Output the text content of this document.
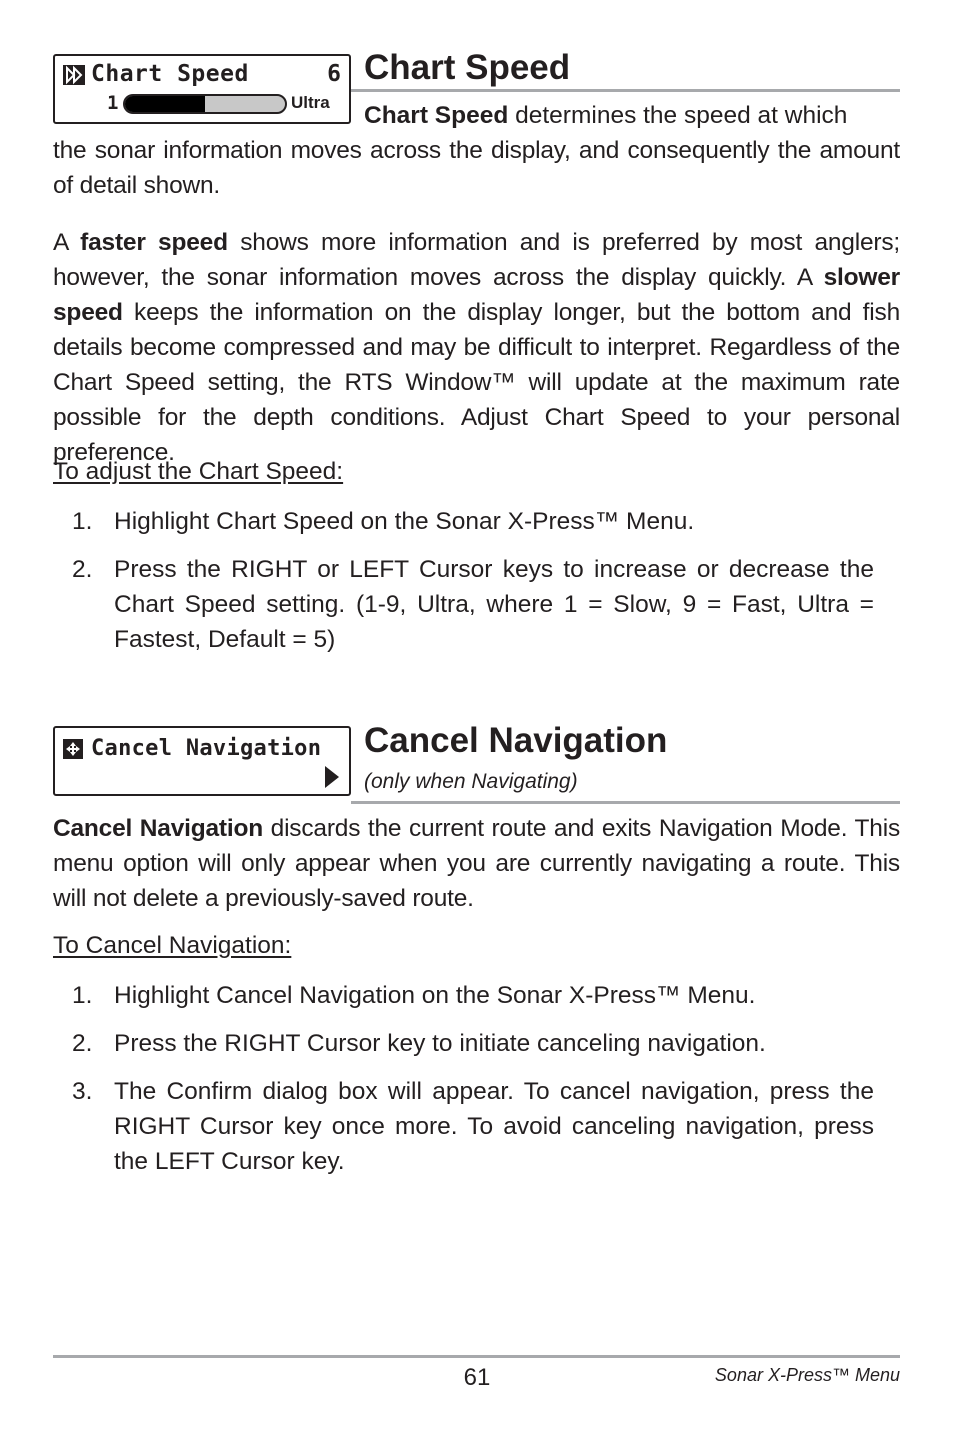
Chart Speed	6
1	Ultra
Chart Speed

Chart Speed determines the speed at which

the sonar information moves across the display, and consequently the amount of detail shown.

A faster speed shows more information and is preferred by most anglers; however, the sonar information moves across the display quickly. A slower speed keeps the information on the display longer, but the bottom and fish details become compressed and may be difficult to interpret. Regardless of the Chart Speed setting, the RTS Window™ will update at the maximum rate possible for the depth conditions. Adjust Chart Speed to your personal preference.

To adjust the Chart Speed:
1. Highlight Chart Speed on the Sonar X-Press™ Menu.
2. Press the RIGHT or LEFT Cursor keys to increase or decrease the Chart Speed setting. (1-9, Ultra, where 1 = Slow, 9 = Fast, Ultra = Fastest, Default = 5)
Cancel Navigation Cancel Navigation
(only when Navigating)

Cancel Navigation discards the current route and exits Navigation Mode. This menu option will only appear when you are currently navigating a route. This will not delete a previously-saved route.

To Cancel Navigation:
1. Highlight Cancel Navigation on the Sonar X-Press™ Menu.
2. Press the RIGHT Cursor key to initiate canceling navigation.
3. The Confirm dialog box will appear. To cancel navigation, press the RIGHT Cursor key once more. To avoid canceling navigation, press the LEFT Cursor key.
61	Sonar X-Press™ Menu
